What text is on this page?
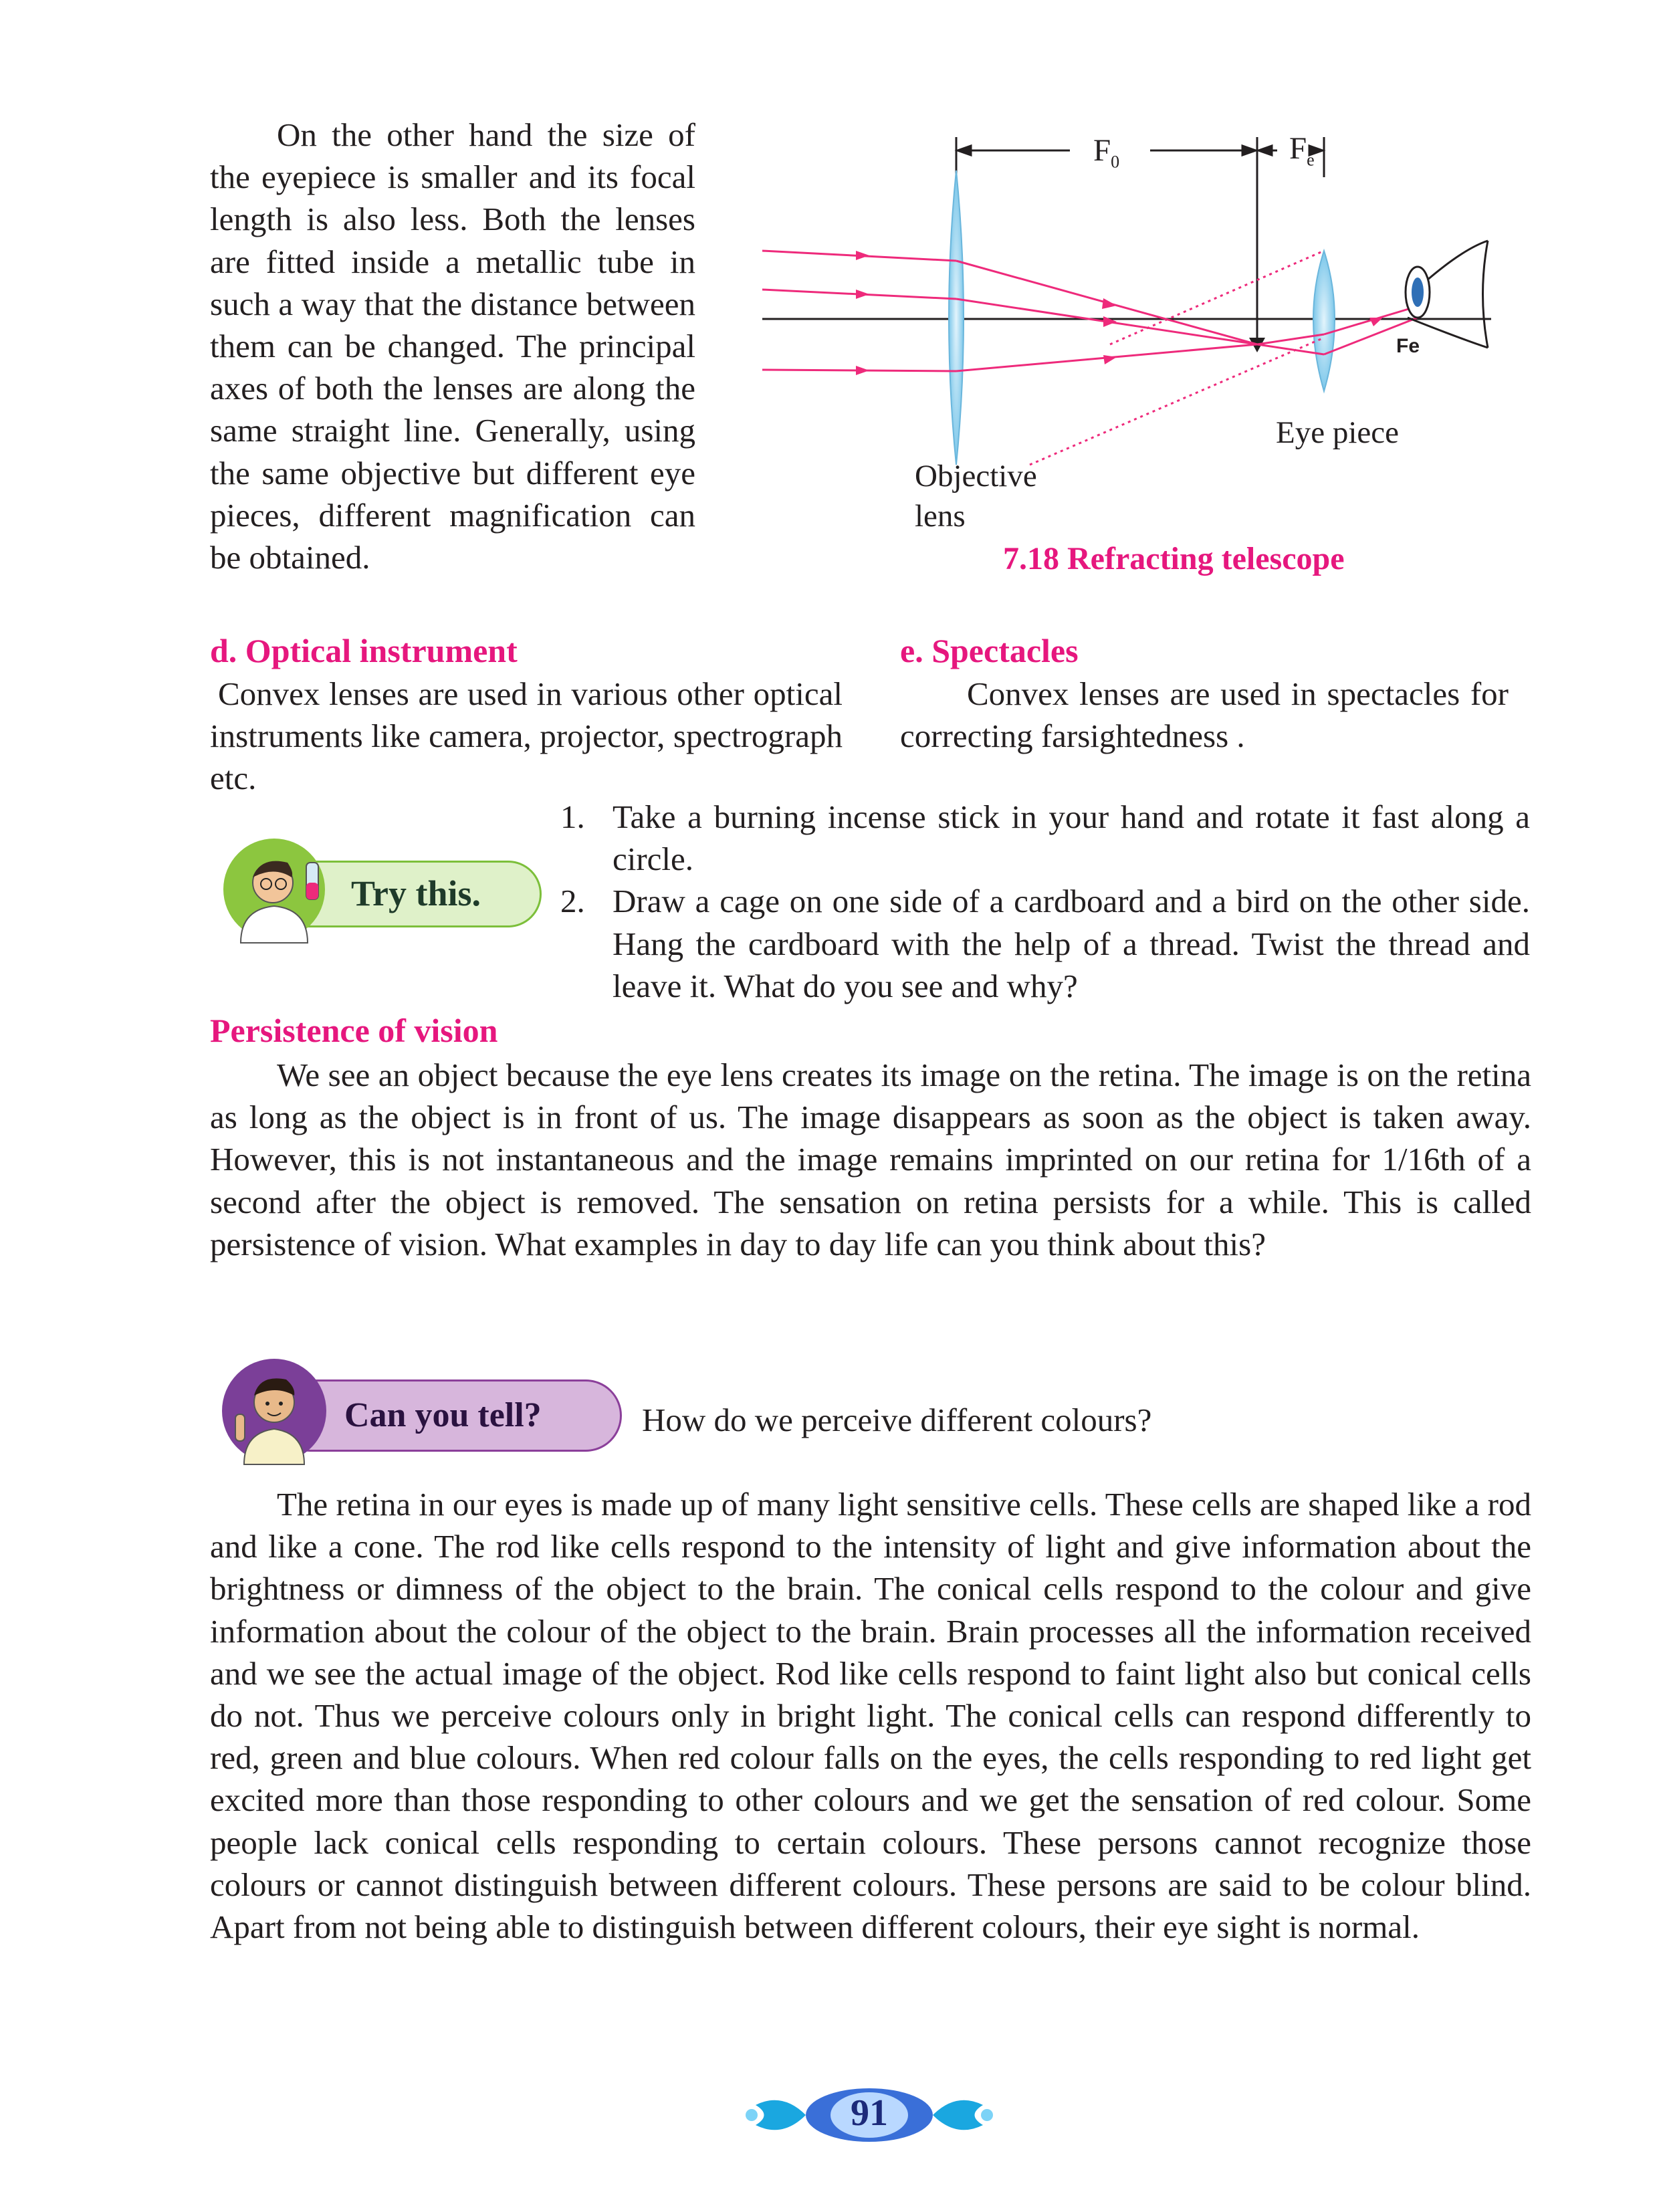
On the other hand the size of the eyepiece is smaller and its focal length is also less. Both the lenses are fitted inside a metallic tube in such a way that the distance between them can be changed. The principal axes of both the lenses are along the same straight line. Generally, using the same objective but different eye pieces, different magnification can be obtained.

$F_0$	$F_e$
Fe
Eye piece
Objective
lens
7.18 Refracting telescope
d. Optical instrument

Convex lenses are used in various other optical instruments like camera, projector, spectrograph etc.

e. Spectacles

Convex lenses are used in spectacles for correcting farsightedness .

Try this.
1. Take a burning incense stick in your hand and rotate it fast along a circle.
2. Draw a cage on one side of a cardboard and a bird on the other side. Hang the cardboard with the help of a thread. Twist the thread and leave it. What do you see and why?
Persistence of vision

We see an object because the eye lens creates its image on the retina. The image is on the retina as long as the object is in front of us. The image disappears as soon as the object is taken away. However, this is not instantaneous and the image remains imprinted on our retina for 1/16th of a second after the object is removed. The sensation on retina persists for a while. This is called persistence of vision. What examples in day to day life can you think about this?

Can you tell?	How do we perceive different colours?

The retina in our eyes is made up of many light sensitive cells. These cells are shaped like a rod and like a cone. The rod like cells respond to the intensity of light and give information about the brightness or dimness of the object to the brain. The conical cells respond to the colour and give information about the colour of the object to the brain. Brain processes all the information received and we see the actual image of the object. Rod like cells respond to faint light also but conical cells do not. Thus we perceive colours only in bright light. The conical cells can respond differently to red, green and blue colours. When red colour falls on the eyes, the cells responding to red light get excited more than those responding to other colours and we get the sensation of red colour. Some people lack conical cells responding to certain colours. These persons cannot recognize those colours or cannot distinguish between different colours. These persons are said to be colour blind. Apart from not being able to distinguish between different colours, their eye sight is normal.

91
